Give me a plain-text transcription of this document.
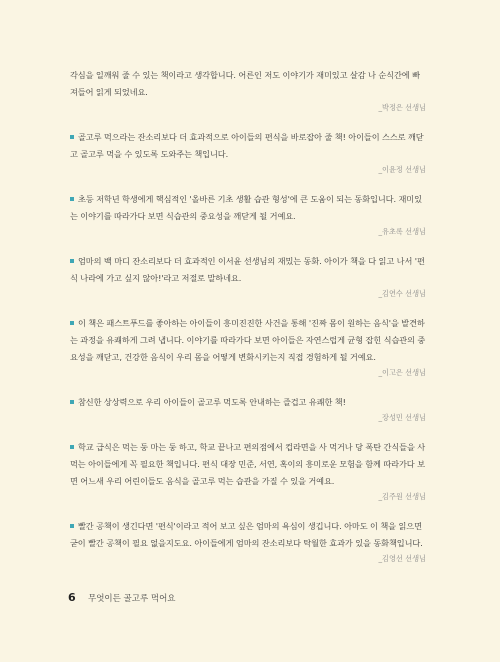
각심을 일깨워 줄 수 있는 책이라고 생각합니다. 어른인 저도 이야기가 재미있고 살감 나 순식간에 빠져들어 읽게 되었네요.

_박정은 선생님

골고루 먹으라는 잔소리보다 더 효과적으로 아이들의 편식을 바로잡아 줄 책! 아이들이 스스로 깨닫고 골고루 먹을 수 있도록 도와주는 책입니다.

_이윤정 선생님

초등 저학년 학생에게 핵심적인 '올바른 기초 생활 습관 형성'에 큰 도움이 되는 동화입니다. 재미있는 이야기를 따라가다 보면 식습관의 중요성을 깨닫게 될 거예요.

_유초록 선생님

엄마의 백 마디 잔소리보다 더 효과적인 이서윤 선생님의 재밌는 동화. 아이가 책을 다 읽고 나서 '편식 나라에 가고 싶지 않아!'라고 저절로 말하네요.

_김연수 선생님

이 책은 패스트푸드를 좋아하는 아이들이 흥미진진한 사건을 통해 '진짜 몸이 원하는 음식'을 발견하는 과정을 유쾌하게 그려 냅니다. 이야기를 따라가다 보면 아이들은 자연스럽게 균형 잡힌 식습관의 중요성을 깨닫고, 건강한 음식이 우리 몸을 어떻게 변화시키는지 직접 경험하게 될 거예요.

_이고은 선생님

참신한 상상력으로 우리 아이들이 골고루 먹도록 안내하는 즐겁고 유쾌한 책!

_장성민 선생님

학교 급식은 먹는 둥 마는 둥 하고, 학교 끝나고 편의점에서 컵라면을 사 먹거나 당 폭탄 간식들을 사 먹는 아이들에게 꼭 필요한 책입니다. 편식 대장 민준, 서연, 혹이의 흥미로운 모험을 함께 따라가다 보면 어느새 우리 어린이들도 음식을 골고루 먹는 습관을 가질 수 있을 거예요.

_김주원 선생님

빨간 공책이 생긴다면 '편식'이라고 적어 보고 싶은 엄마의 욕심이 생깁니다. 아마도 이 책을 읽으면 굳이 빨간 공책이 필요 없을지도요. 아이들에게 엄마의 잔소리보다 탁월한 효과가 있을 동화책입니다.

_김영선 선생님
6	무엇이든 골고루 먹어요
